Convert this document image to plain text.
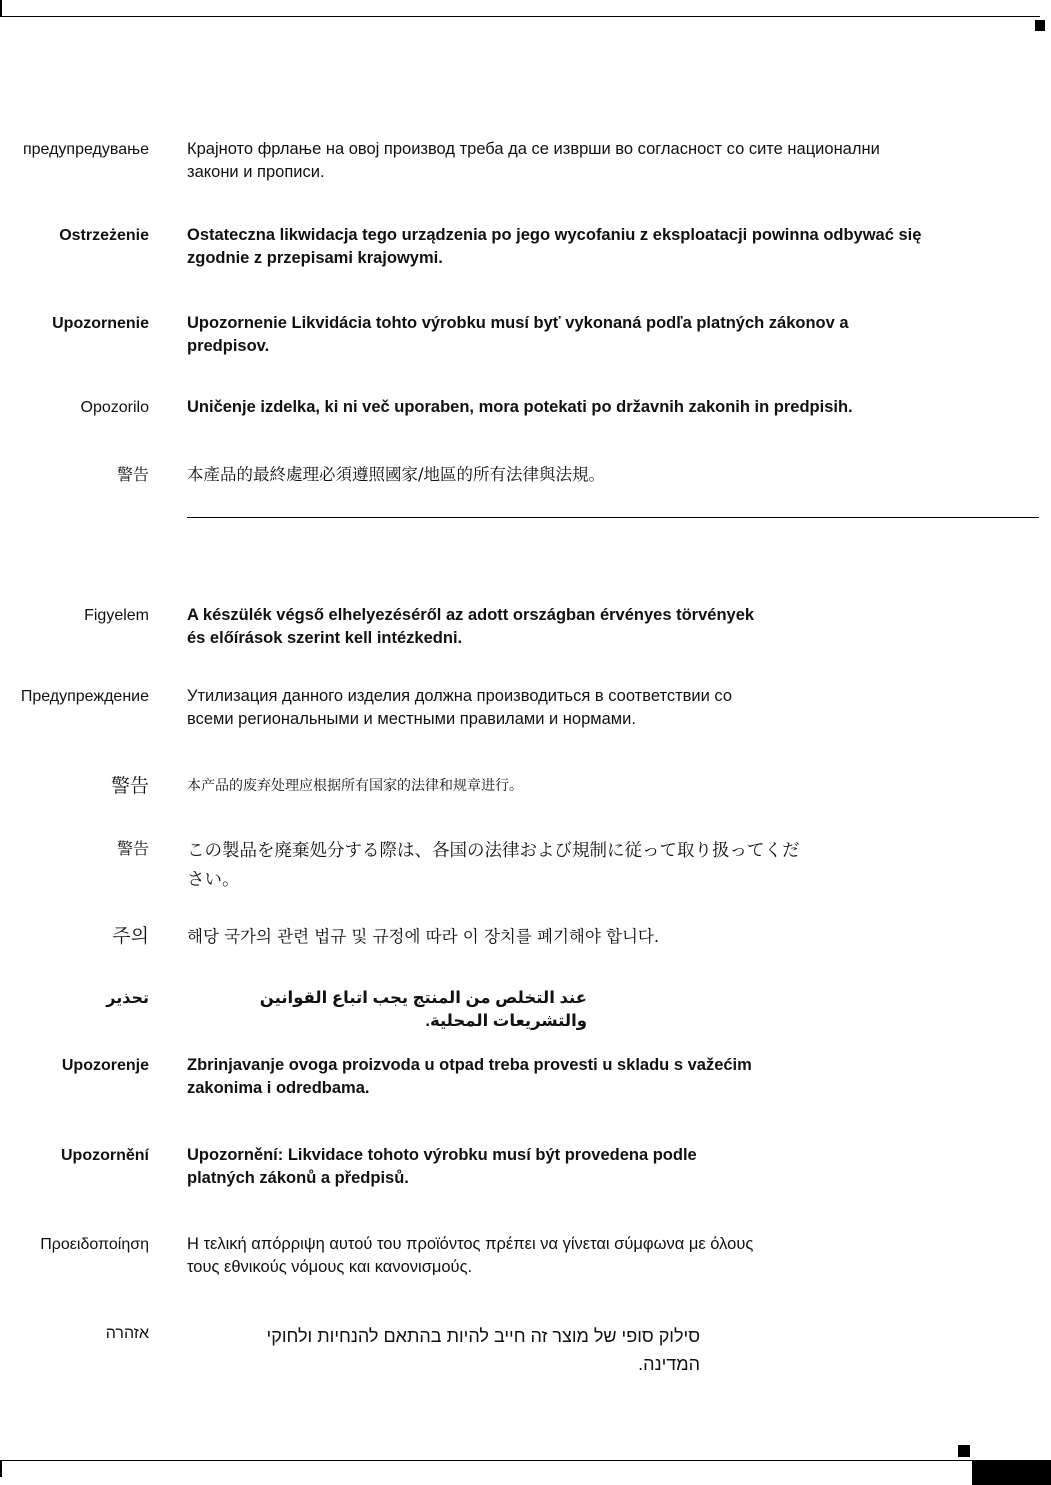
предупредување Крајното фрлање на овој производ треба да се изврши во согласност со сите национални
закони и прописи.
Ostrzeżenie Ostateczna likwidacja tego urządzenia po jego wycofaniu z eksploatacji powinna odbywać się
zgodnie z przepisami krajowymi.
Upozornenie Upozornenie Likvidácia tohto výrobku musí byť vykonaná podľa platných zákonov a
predpisov.
Opozorilo Uničenje izdelka, ki ni več uporaben, mora potekati po državnih zakonih in predpisih.
警告 本產品的最終處理必須遵照國家/地區的所有法律與法規。
Figyelem A készülék végső elhelyezéséről az adott országban érvényes törvények
és előírások szerint kell intézkedni.
Предупреждение Утилизация данного изделия должна производиться в соответствии со
всеми региональными и местными правилами и нормами.
警告	本产品的废弃处理应根据所有国家的法律和规章进行。
警告 この製品を廃棄処分する際は、各国の法律および規制に従って取り扱ってくだ
さい。
주의 해당 국가의 관련 법규 및 규정에 따라 이 장치를 폐기해야 합니다.
تحذير	عند التخلص من المنتج يجب اتباع القوانين والتشريعات المحلية.
Upozorenje Zbrinjavanje ovoga proizvoda u otpad treba provesti u skladu s važećim
zakonima i odredbama.
Upozornění Upozornění: Likvidace tohoto výrobku musí být provedena podle
platných zákonů a předpisů.
Προειδοποίηση Η τελική απόρριψη αυτού του προϊόντος πρέπει να γίνεται σύμφωνα με όλους
τους εθνικούς νόμους και κανονισμούς.
אזהרה	סילוק סופי של מוצר זה חייב להיות בהתאם להנחיות ולחוקי
המדינה.
